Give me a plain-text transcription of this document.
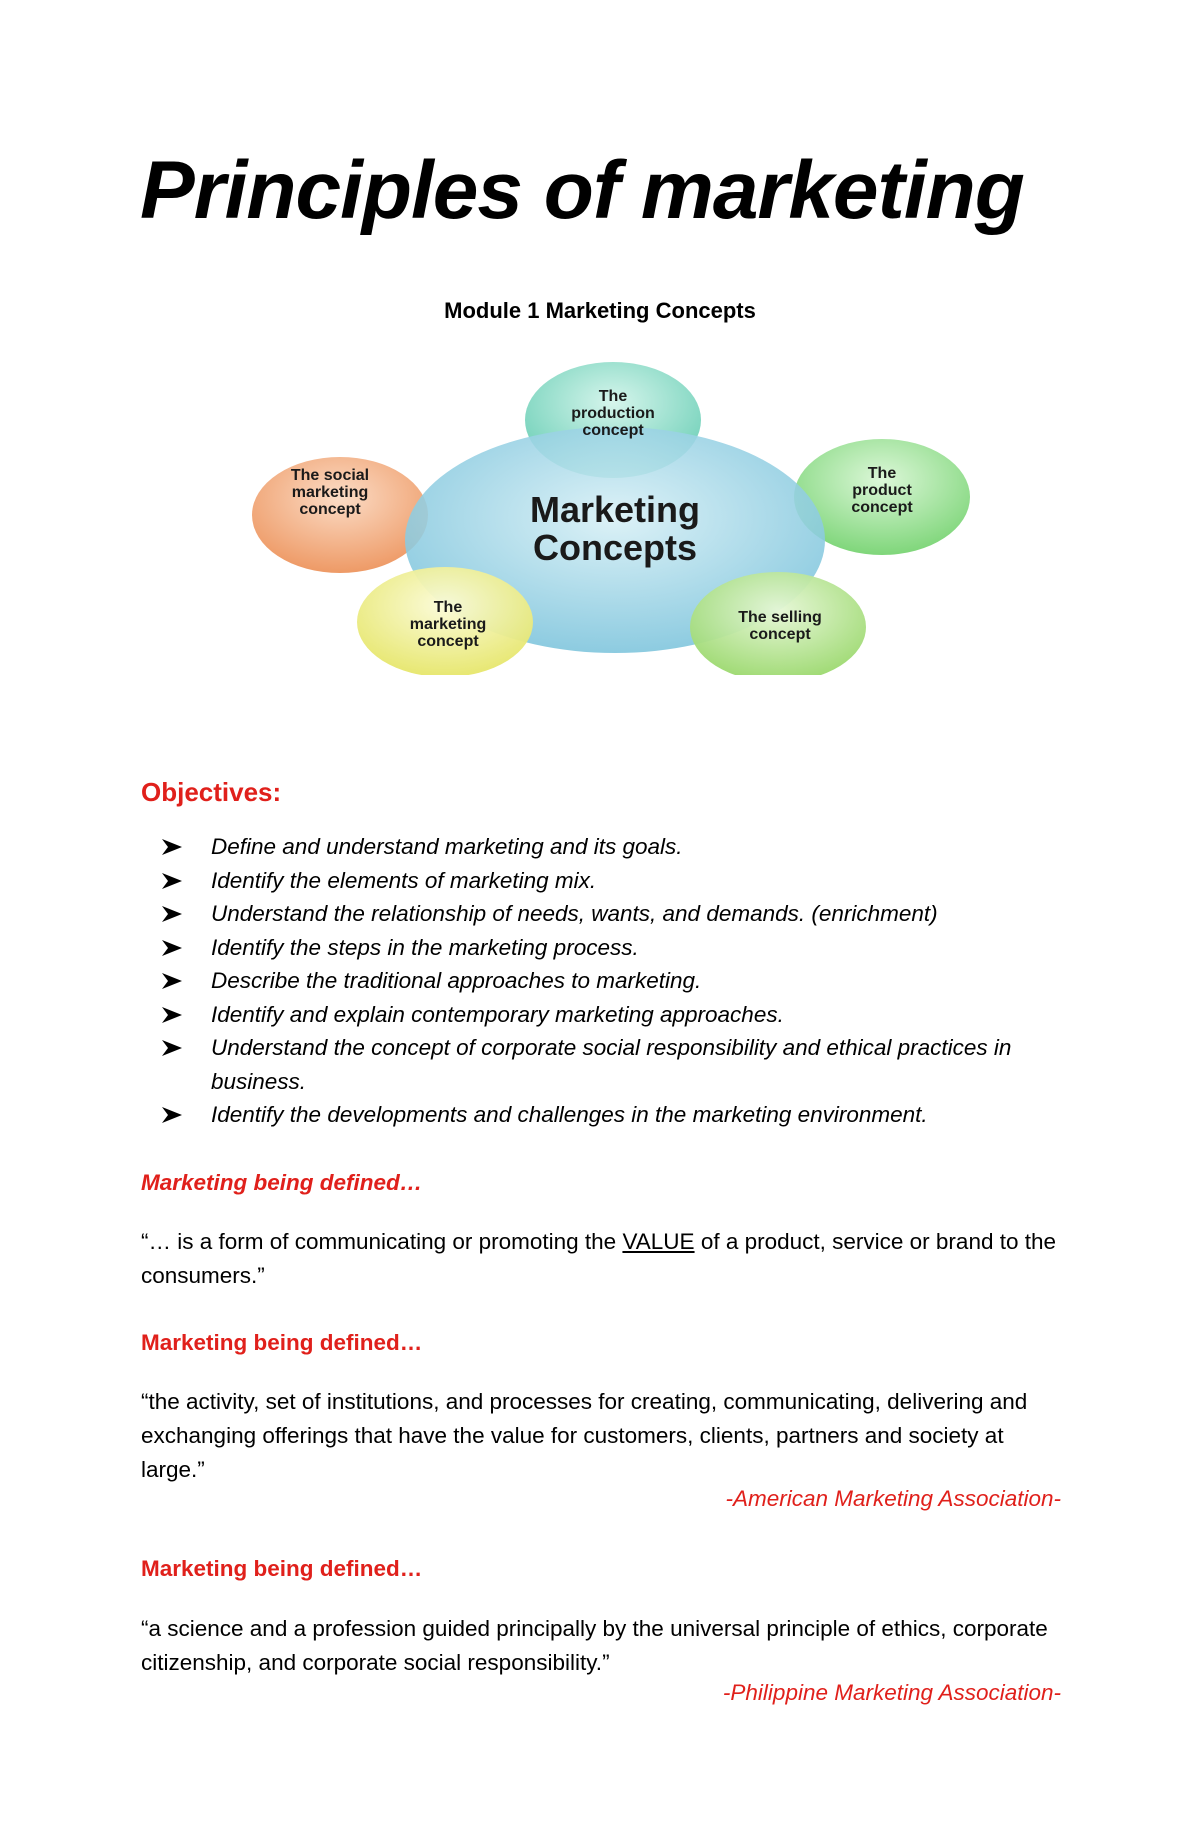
Principles of marketing
Module 1 Marketing Concepts
Marketing
Concepts
The
production
concept
The
product
concept
The selling
concept
The
marketing
concept
The social
marketing
concept
Objectives:
Define and understand marketing and its goals.
Identify the elements of marketing mix.
Understand the relationship of needs, wants, and demands. (enrichment)
Identify the steps in the marketing process.
Describe the traditional approaches to marketing.
Identify and explain contemporary marketing approaches.
Understand the concept of corporate social responsibility and ethical practices in business.
Identify the developments and challenges in the marketing environment.
Marketing being defined…
“… is a form of communicating or promoting the VALUE of a product, service or brand to the consumers.”
Marketing being defined…
“the activity, set of institutions, and processes for creating, communicating, delivering and exchanging offerings that have the value for customers, clients, partners and society at large.”
-American Marketing Association-
Marketing being defined…
“a science and a profession guided principally by the universal principle of ethics, corporate citizenship, and corporate social responsibility.”
-Philippine Marketing Association-
